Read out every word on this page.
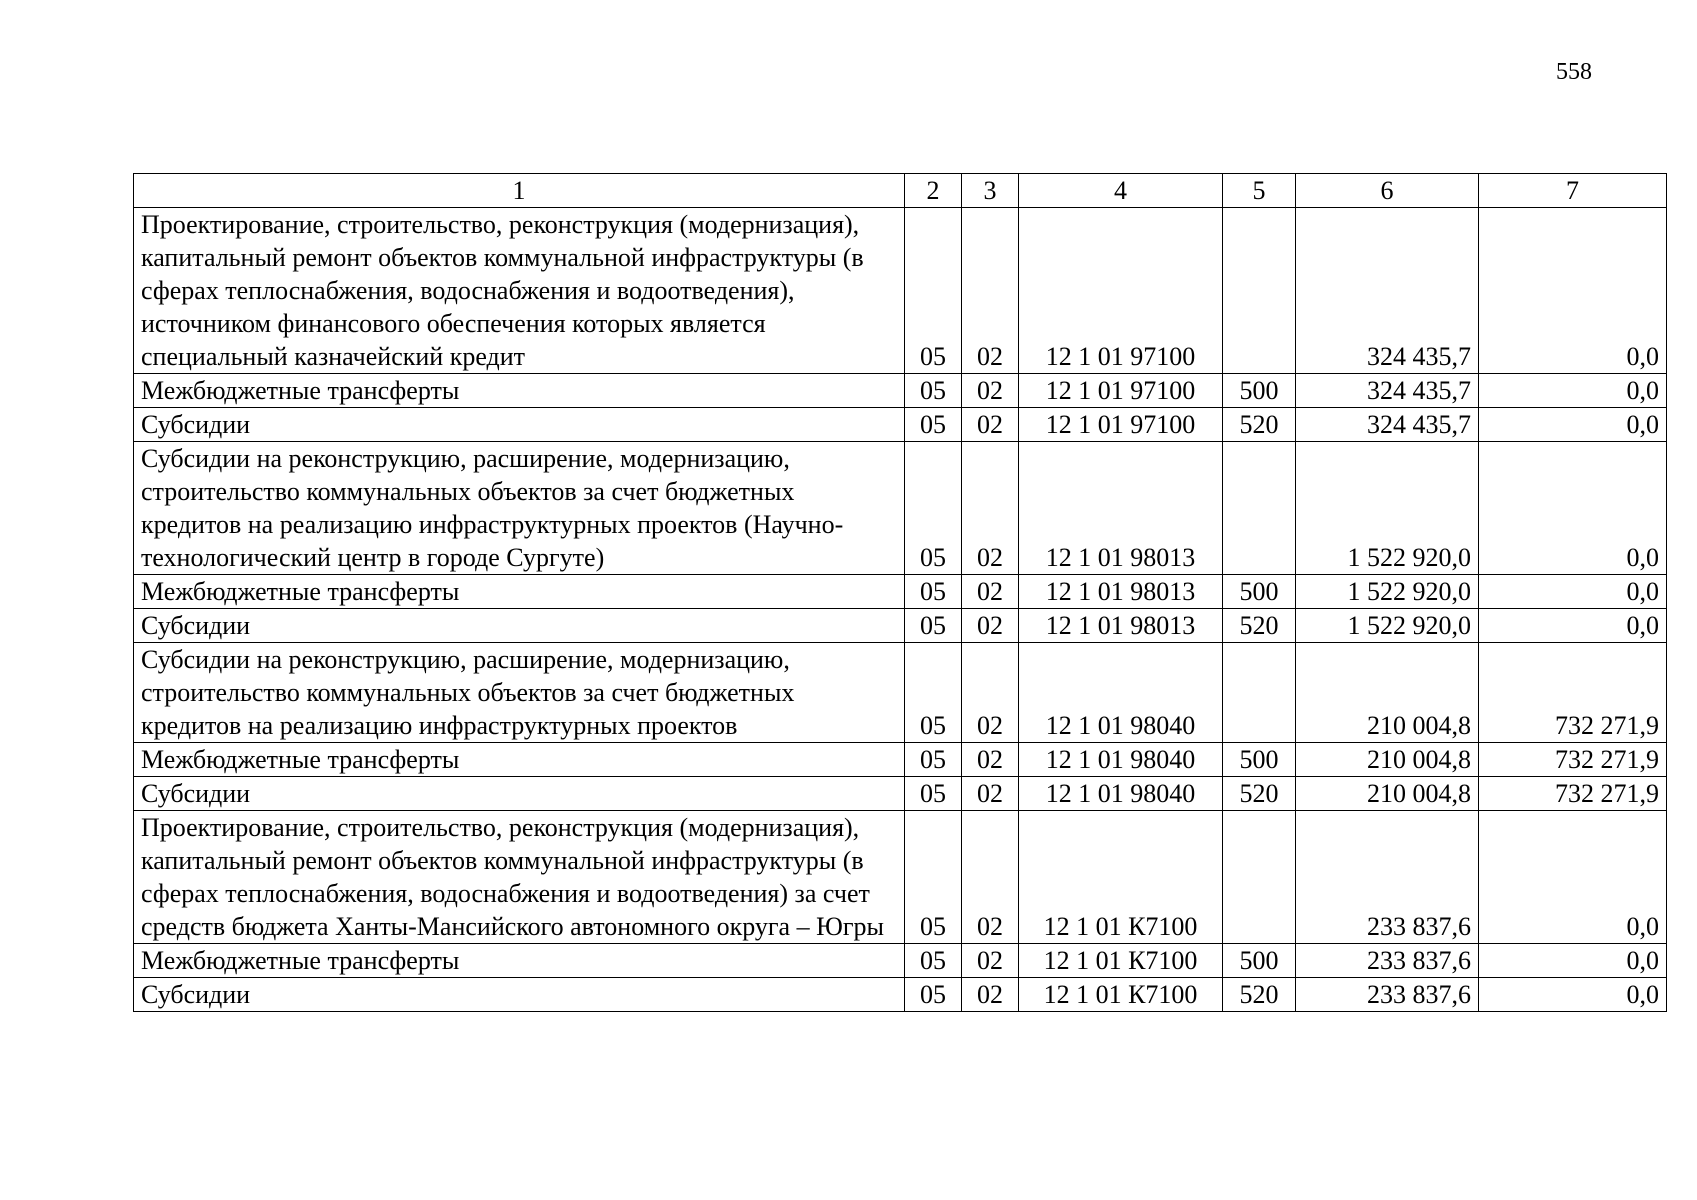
558
1	2	3	4	5	6	7
Проектирование, строительство, реконструкция (модернизация), капитальный ремонт объектов коммунальной инфраструктуры (в сферах теплоснабжения, водоснабжения и водоотведения), источником финансового обеспечения которых является специальный казначейский кредит	05	02	12 1 01 97100		324 435,7	0,0
Межбюджетные трансферты	05	02	12 1 01 97100	500	324 435,7	0,0
Субсидии	05	02	12 1 01 97100	520	324 435,7	0,0
Субсидии на реконструкцию, расширение, модернизацию, строительство коммунальных объектов за счет бюджетных кредитов на реализацию инфраструктурных проектов (Научно-технологический центр в городе Сургуте)	05	02	12 1 01 98013		1 522 920,0	0,0
Межбюджетные трансферты	05	02	12 1 01 98013	500	1 522 920,0	0,0
Субсидии	05	02	12 1 01 98013	520	1 522 920,0	0,0
Субсидии на реконструкцию, расширение, модернизацию, строительство коммунальных объектов за счет бюджетных кредитов на реализацию инфраструктурных проектов	05	02	12 1 01 98040		210 004,8	732 271,9
Межбюджетные трансферты	05	02	12 1 01 98040	500	210 004,8	732 271,9
Субсидии	05	02	12 1 01 98040	520	210 004,8	732 271,9
Проектирование, строительство, реконструкция (модернизация), капитальный ремонт объектов коммунальной инфраструктуры (в сферах теплоснабжения, водоснабжения и водоотведения) за счет средств бюджета Ханты-Мансийского автономного округа – Югры	05	02	12 1 01 К7100		233 837,6	0,0
Межбюджетные трансферты	05	02	12 1 01 К7100	500	233 837,6	0,0
Субсидии	05	02	12 1 01 К7100	520	233 837,6	0,0
